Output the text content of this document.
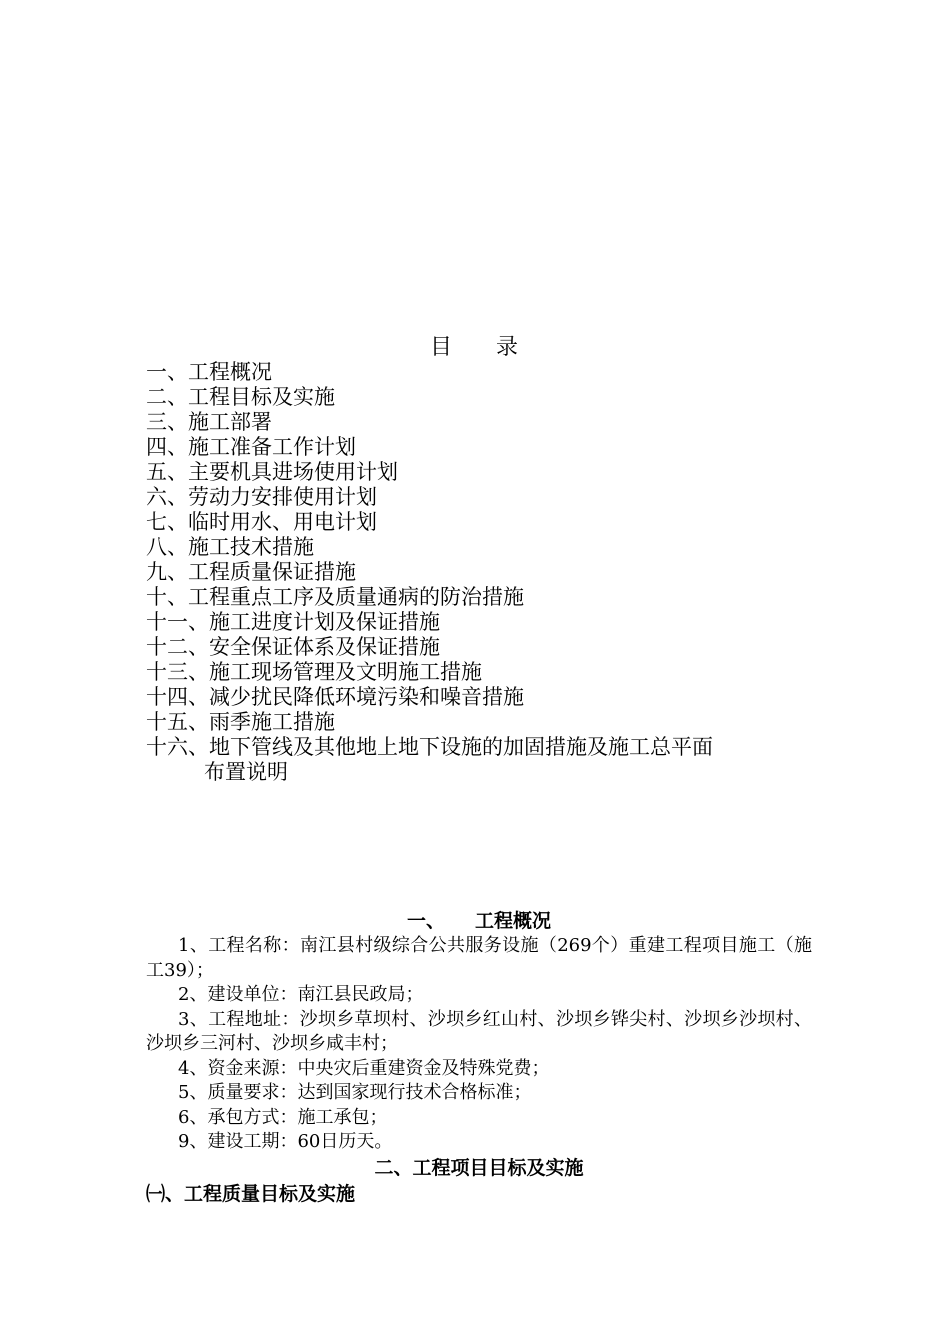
目 录
一、工程概况
二、工程目标及实施
三、施工部署
四、施工准备工作计划
五、主要机具进场使用计划
六、劳动力安排使用计划
七、临时用水、用电计划
八、施工技术措施
九、工程质量保证措施
十、工程重点工序及质量通病的防治措施
十一、施工进度计划及保证措施
十二、安全保证体系及保证措施
十三、施工现场管理及文明施工措施
十四、减少扰民降低环境污染和噪音措施
十五、雨季施工措施
十六、地下管线及其他地上地下设施的加固措施及施工总平面
布置说明
一、 工程概况
1、工程名称：南江县村级综合公共服务设施（269个）重建工程项目施工（施工39）；
2、建设单位：南江县民政局；
3、工程地址：沙坝乡草坝村、沙坝乡红山村、沙坝乡铧尖村、沙坝乡沙坝村、沙坝乡三河村、沙坝乡咸丰村；
4、资金来源：中央灾后重建资金及特殊党费；
5、质量要求：达到国家现行技术合格标准；
6、承包方式：施工承包；
9、建设工期：60日历天。
二、工程项目目标及实施
㈠、工程质量目标及实施
